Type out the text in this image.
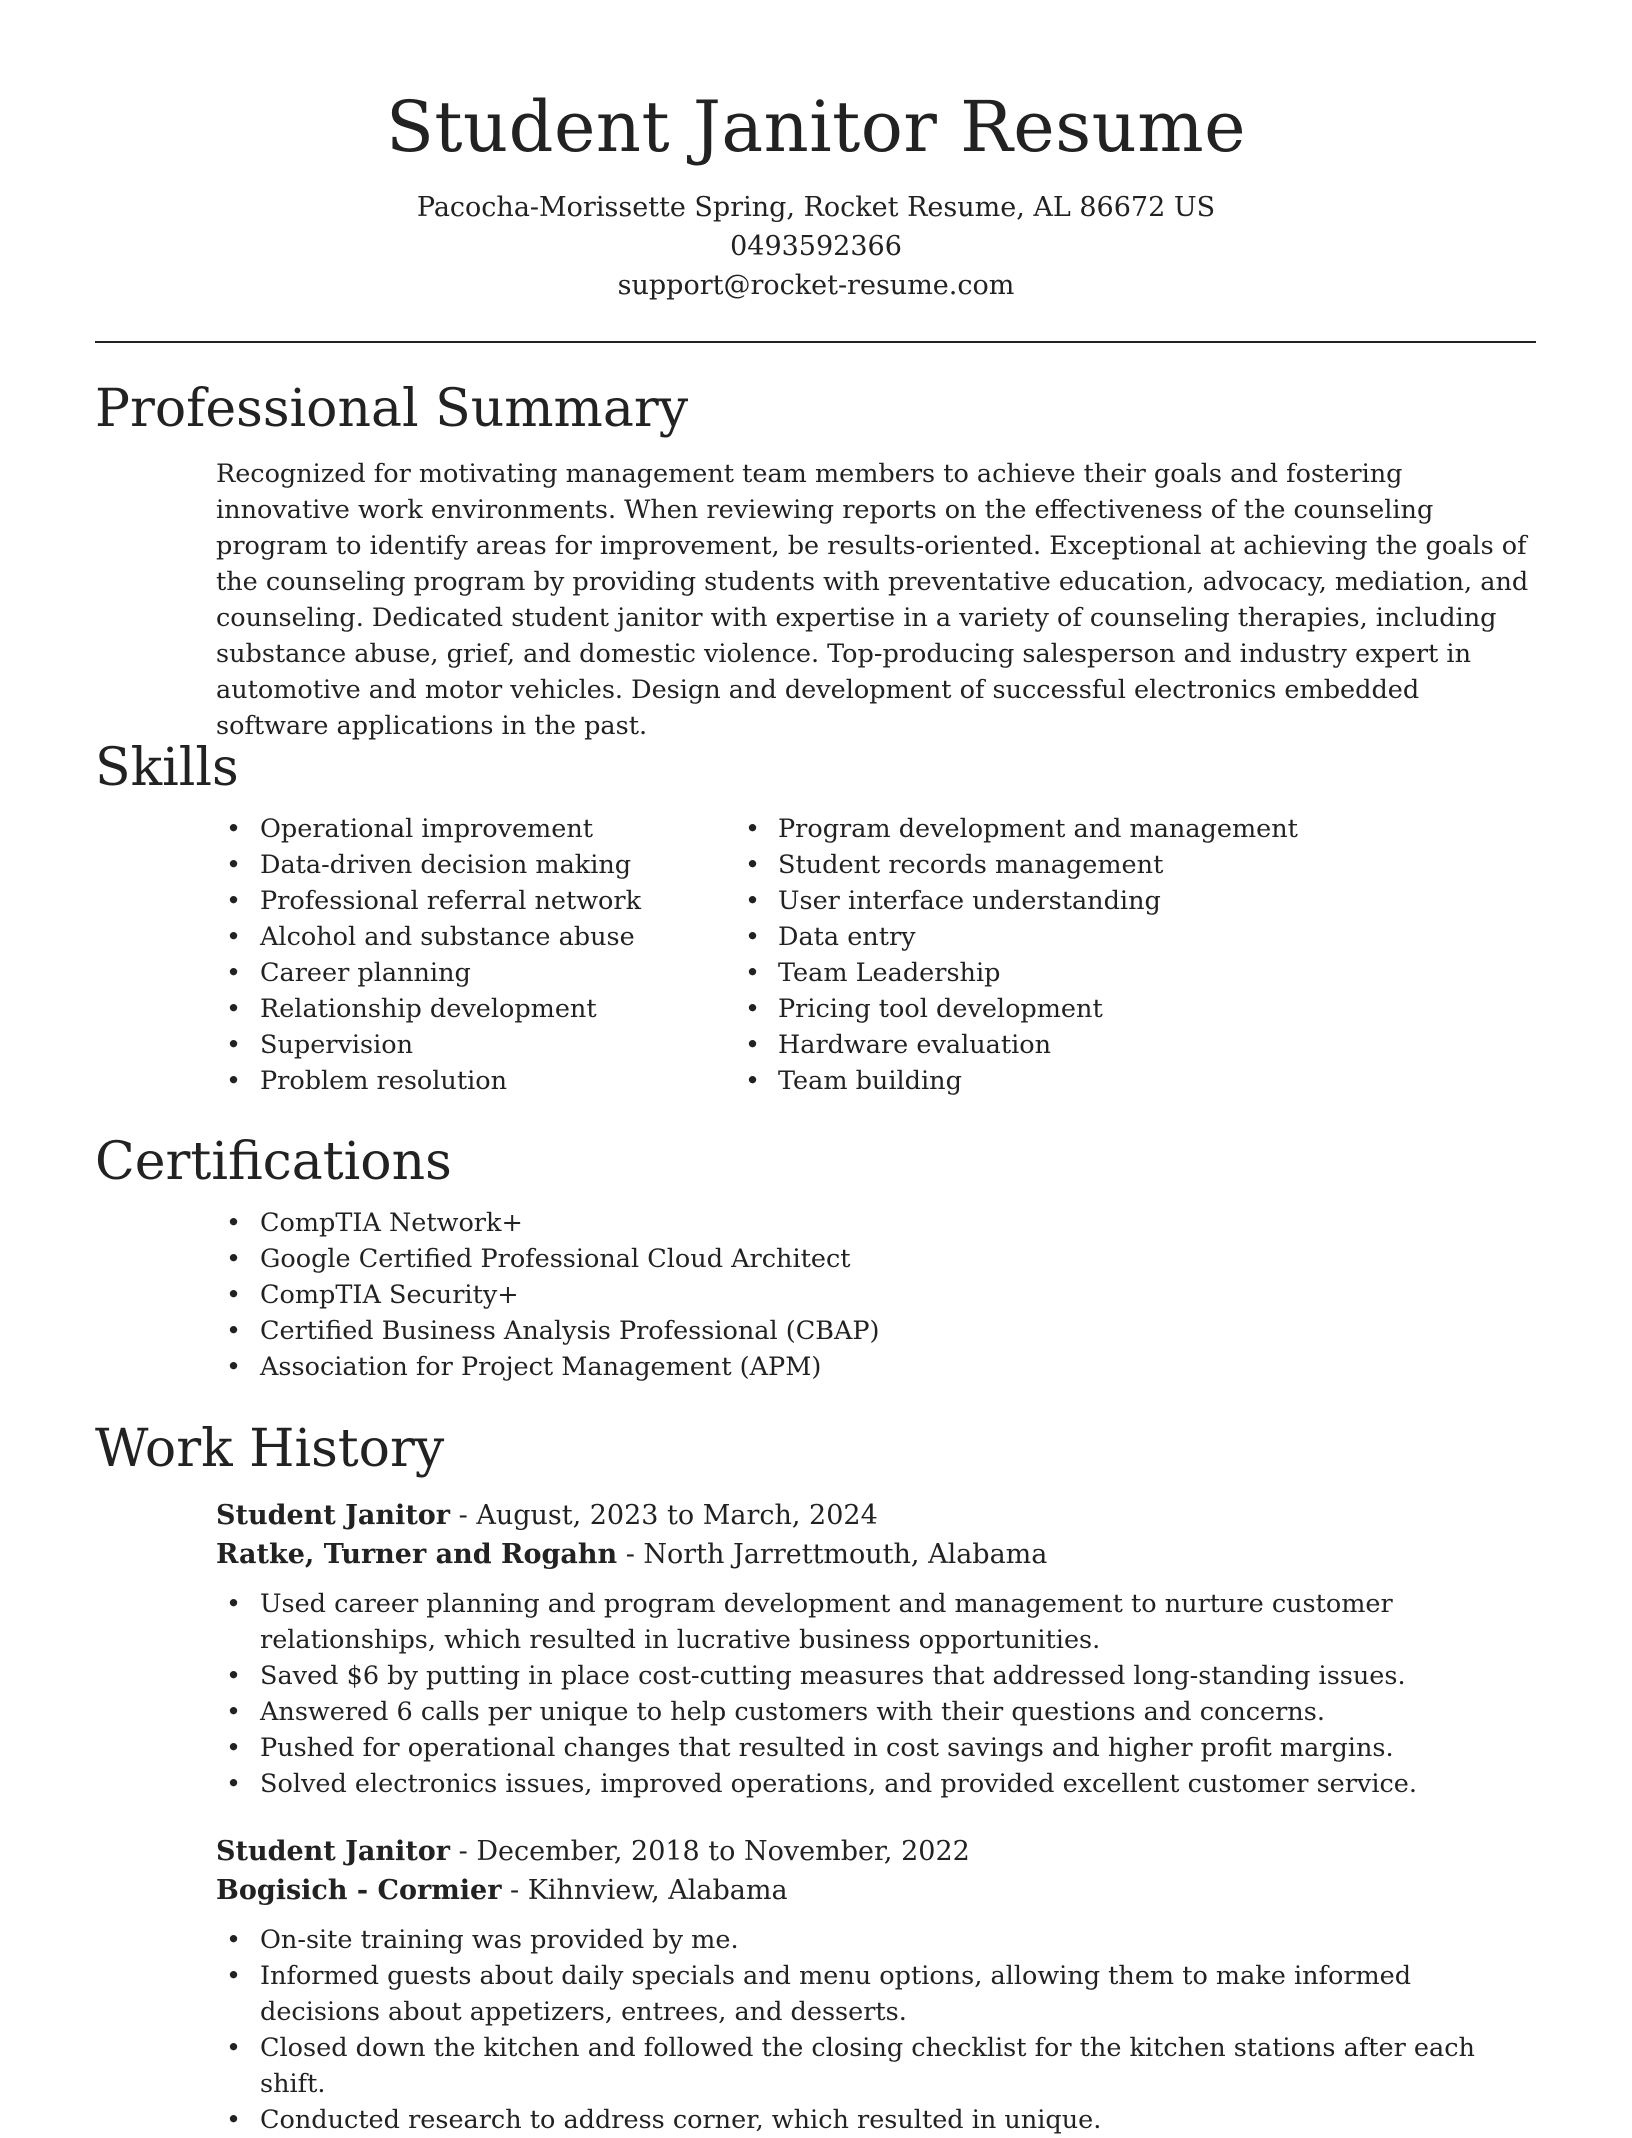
Student Janitor Resume
Pacocha-Morissette Spring, Rocket Resume, AL 86672 US
0493592366
support@rocket-resume.com
Professional Summary
Recognized for motivating management team members to achieve their goals and fostering innovative work environments. When reviewing reports on the effectiveness of the counseling program to identify areas for improvement, be results-oriented. Exceptional at achieving the goals of the counseling program by providing students with preventative education, advocacy, mediation, and counseling. Dedicated student janitor with expertise in a variety of counseling therapies, including substance abuse, grief, and domestic violence. Top-producing salesperson and industry expert in automotive and motor vehicles. Design and development of successful electronics embedded software applications in the past.
Skills
• Operational improvement
• Data-driven decision making
• Professional referral network
• Alcohol and substance abuse
• Career planning
• Relationship development
• Supervision
• Problem resolution
• Program development and management
• Student records management
• User interface understanding
• Data entry
• Team Leadership
• Pricing tool development
• Hardware evaluation
• Team building
Certifications
• CompTIA Network+
• Google Certified Professional Cloud Architect
• CompTIA Security+
• Certified Business Analysis Professional (CBAP)
• Association for Project Management (APM)
Work History
Student Janitor - August, 2023 to March, 2024
Ratke, Turner and Rogahn - North Jarrettmouth, Alabama
• Used career planning and program development and management to nurture customer relationships, which resulted in lucrative business opportunities.
• Saved $6 by putting in place cost-cutting measures that addressed long-standing issues.
• Answered 6 calls per unique to help customers with their questions and concerns.
• Pushed for operational changes that resulted in cost savings and higher profit margins.
• Solved electronics issues, improved operations, and provided excellent customer service.
Student Janitor - December, 2018 to November, 2022
Bogisich - Cormier - Kihnview, Alabama
• On-site training was provided by me.
• Informed guests about daily specials and menu options, allowing them to make informed decisions about appetizers, entrees, and desserts.
• Closed down the kitchen and followed the closing checklist for the kitchen stations after each shift.
• Conducted research to address corner, which resulted in unique.
